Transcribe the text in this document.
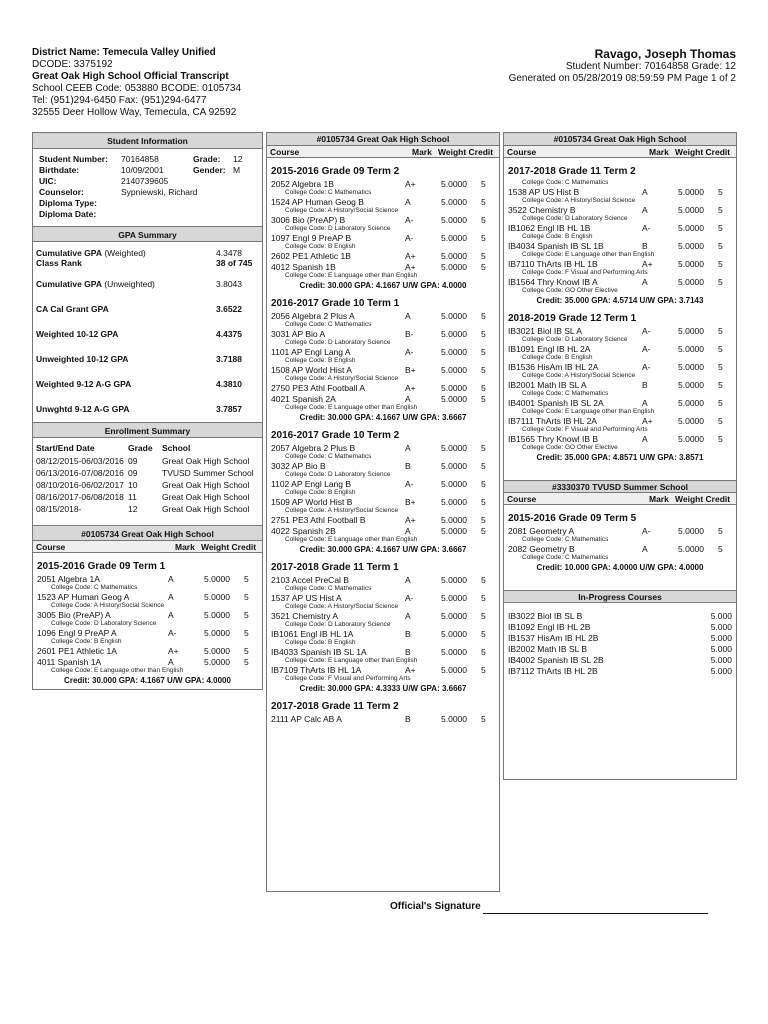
District Name: Temecula Valley Unified
DCODE: 3375192
Great Oak High School Official Transcript
School CEEB Code: 053880 BCODE: 0105734
Tel: (951)294-6450 Fax: (951)294-6477
32555 Deer Hollow Way, Temecula, CA 92592
Ravago, Joseph Thomas
Student Number: 70164858 Grade: 12
Generated on 05/28/2019 08:59:59 PM Page 1 of 2
Student Information
Student Number:	70164858	Grade:	12
Birthdate:	10/09/2001	Gender: M
UIC:	2140739605
Counselor:	Sypniewski, Richard
Diploma Type:
Diploma Date:
GPA Summary
Cumulative GPA (Weighted)	4.3478
Class Rank	38 of 745
Cumulative GPA (Unweighted)	3.8043
CA Cal Grant GPA	3.6522
Weighted 10-12 GPA	4.4375
Unweighted 10-12 GPA	3.7188
Weighted 9-12 A-G GPA	4.3810
Unwghtd 9-12 A-G GPA	3.7857
Enrollment Summary
Start/End Date	Grade	School
08/12/2015-06/03/2016 09	Great Oak High School
06/13/2016-07/08/2016 09	TVUSD Summer School
08/10/2016-06/02/2017 10	Great Oak High School
08/16/2017-06/08/2018 11	Great Oak High School
08/15/2018-	12	Great Oak High School
#0105734 Great Oak High School
Course	Mark Weight Credit
2015-2016 Grade 09 Term 1
2051 Algebra 1A	A	5.0000	5
College Code: C Mathematics
1523 AP Human Geog A	A	5.0000	5
College Code: A History/Social Science
3005 Bio (PreAP) A	A	5.0000	5
College Code: D Laboratory Science
1096 Engl 9 PreAP A	A-	5.0000	5
College Code: B English
2601 PE1 Athletic 1A	A+	5.0000	5
4011 Spanish 1A	A	5.0000	5
College Code: E Language other than English
Credit: 30.000 GPA: 4.1667 U/W GPA: 4.0000
#0105734 Great Oak High School
Course	Mark Weight Credit
2015-2016 Grade 09 Term 2
2052 Algebra 1B	A+	5.0000	5
College Code: C Mathematics
1524 AP Human Geog B	A	5.0000	5
College Code: A History/Social Science
3006 Bio (PreAP) B	A-	5.0000	5
College Code: D Laboratory Science
1097 Engl 9 PreAP B	A-	5.0000	5
College Code: B English
2602 PE1 Athletic 1B	A+	5.0000	5
4012 Spanish 1B	A+	5.0000	5
College Code: E Language other than English
Credit: 30.000 GPA: 4.1667 U/W GPA: 4.0000
2016-2017 Grade 10 Term 1
2056 Algebra 2 Plus A	A	5.0000	5
College Code: C Mathematics
3031 AP Bio A	B-	5.0000	5
College Code: D Laboratory Science
1101 AP Engl Lang A	A-	5.0000	5
College Code: B English
1508 AP World Hist A	B+	5.0000	5
College Code: A History/Social Science
2750 PE3 Athl Football A	A+	5.0000	5
4021 Spanish 2A	A	5.0000	5
College Code: E Language other than English
Credit: 30.000 GPA: 4.1667 U/W GPA: 3.6667
2016-2017 Grade 10 Term 2
2057 Algebra 2 Plus B	A	5.0000	5
College Code: C Mathematics
3032 AP Bio B	B	5.0000	5
College Code: D Laboratory Science
1102 AP Engl Lang B	A-	5.0000	5
College Code: B English
1509 AP World Hist B	B+	5.0000	5
College Code: A History/Social Science
2751 PE3 Athl Football B	A+	5.0000	5
4022 Spanish 2B	A	5.0000	5
College Code: E Language other than English
Credit: 30.000 GPA: 4.1667 U/W GPA: 3.6667
2017-2018 Grade 11 Term 1
2103 Accel PreCal B	A	5.0000	5
College Code: C Mathematics
1537 AP US Hist A	A-	5.0000	5
College Code: A History/Social Science
3521 Chemistry A	A	5.0000	5
College Code: D Laboratory Science
IB1061 Engl IB HL 1A	B	5.0000	5
College Code: B English
IB4033 Spanish IB SL 1A	B	5.0000	5
College Code: E Language other than English
IB7109 ThArts IB HL 1A	A+	5.0000	5
College Code: F Visual and Performing Arts
Credit: 30.000 GPA: 4.3333 U/W GPA: 3.6667
2017-2018 Grade 11 Term 2
2111 AP Calc AB A	B	5.0000	5
#0105734 Great Oak High School
Course	Mark Weight Credit
2017-2018 Grade 11 Term 2
College Code: C Mathematics
1538 AP US Hist B	A	5.0000	5
College Code: A History/Social Science
3522 Chemistry B	A	5.0000	5
College Code: D Laboratory Science
IB1062 Engl IB HL 1B	A-	5.0000	5
College Code: B English
IB4034 Spanish IB SL 1B	B	5.0000	5
College Code: E Language other than English
IB7110 ThArts IB HL 1B	A+	5.0000	5
College Code: F Visual and Performing Arts
IB1564 Thry Knowl IB A	A	5.0000	5
College Code: GO Other Elective
Credit: 35.000 GPA: 4.5714 U/W GPA: 3.7143
2018-2019 Grade 12 Term 1
IB3021 Biol IB SL A	A-	5.0000	5
College Code: D Laboratory Science
IB1091 Engl IB HL 2A	A-	5.0000	5
College Code: B English
IB1536 HisAm IB HL 2A	A-	5.0000	5
College Code: A History/Social Science
IB2001 Math IB SL A	B	5.0000	5
College Code: C Mathematics
IB4001 Spanish IB SL 2A	A	5.0000	5
College Code: E Language other than English
IB7111 ThArts IB HL 2A	A+	5.0000	5
College Code: F Visual and Performing Arts
IB1565 Thry Knowl IB B	A	5.0000	5
College Code: GO Other Elective
Credit: 35.000 GPA: 4.8571 U/W GPA: 3.8571
#3330370 TVUSD Summer School
Course	Mark Weight Credit
2015-2016 Grade 09 Term 5
2081 Geometry A	A-	5.0000	5
College Code: C Mathematics
2082 Geometry B	A	5.0000	5
College Code: C Mathematics
Credit: 10.000 GPA: 4.0000 U/W GPA: 4.0000
In-Progress Courses
IB3022 Biol IB SL B	5.000
IB1092 Engl IB HL 2B	5.000
IB1537 HisAm IB HL 2B	5.000
IB2002 Math IB SL B	5.000
IB4002 Spanish IB SL 2B	5.000
IB7112 ThArts IB HL 2B	5.000
Official's Signature
